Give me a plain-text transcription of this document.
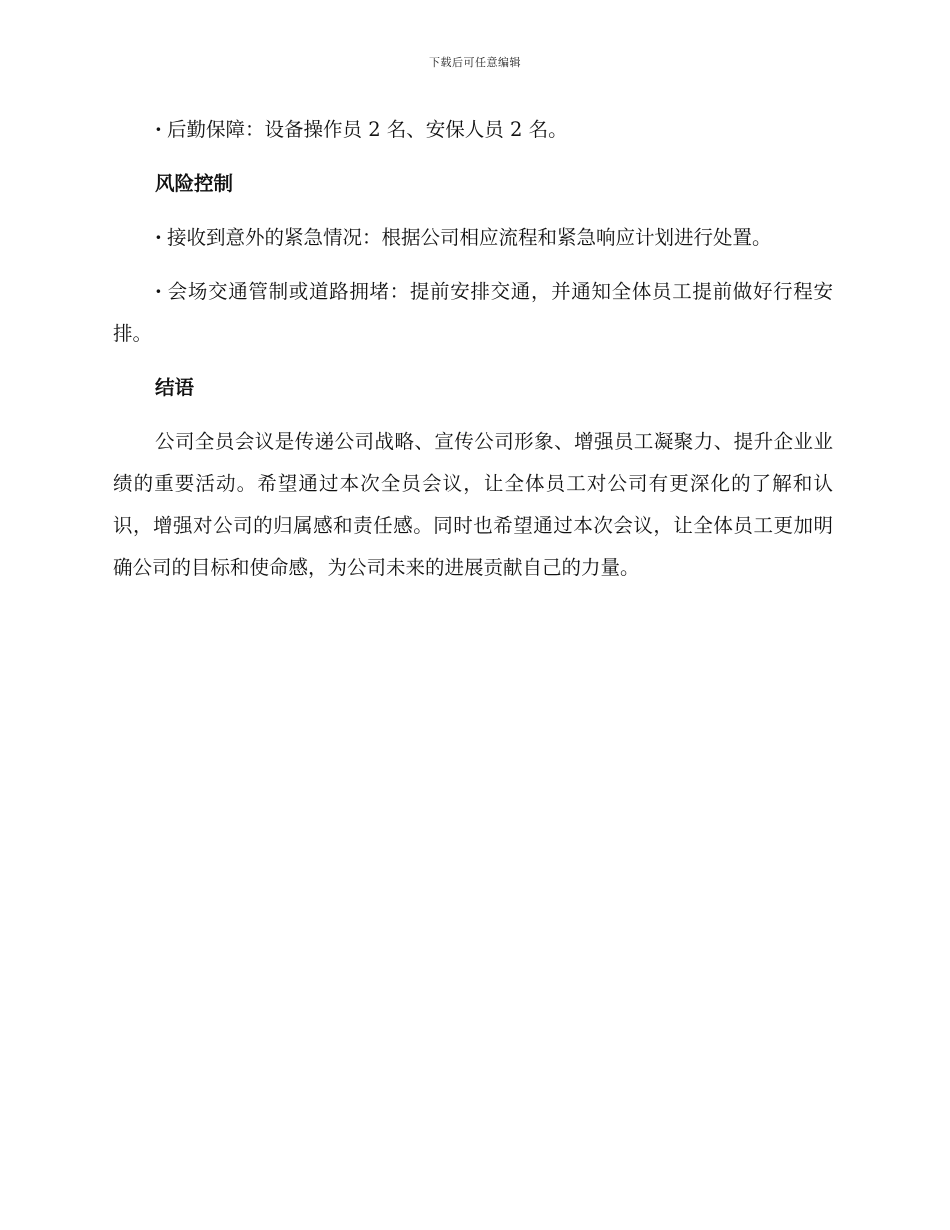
下载后可任意编辑

· 后勤保障：设备操作员 2 名、安保人员 2 名。

风险控制

· 接收到意外的紧急情况：根据公司相应流程和紧急响应计划进行处置。

· 会场交通管制或道路拥堵：提前安排交通，并通知全体员工提前做好行程安排。

结语

公司全员会议是传递公司战略、宣传公司形象、增强员工凝聚力、提升企业业绩的重要活动。希望通过本次全员会议，让全体员工对公司有更深化的了解和认识，增强对公司的归属感和责任感。同时也希望通过本次会议，让全体员工更加明确公司的目标和使命感，为公司未来的进展贡献自己的力量。
